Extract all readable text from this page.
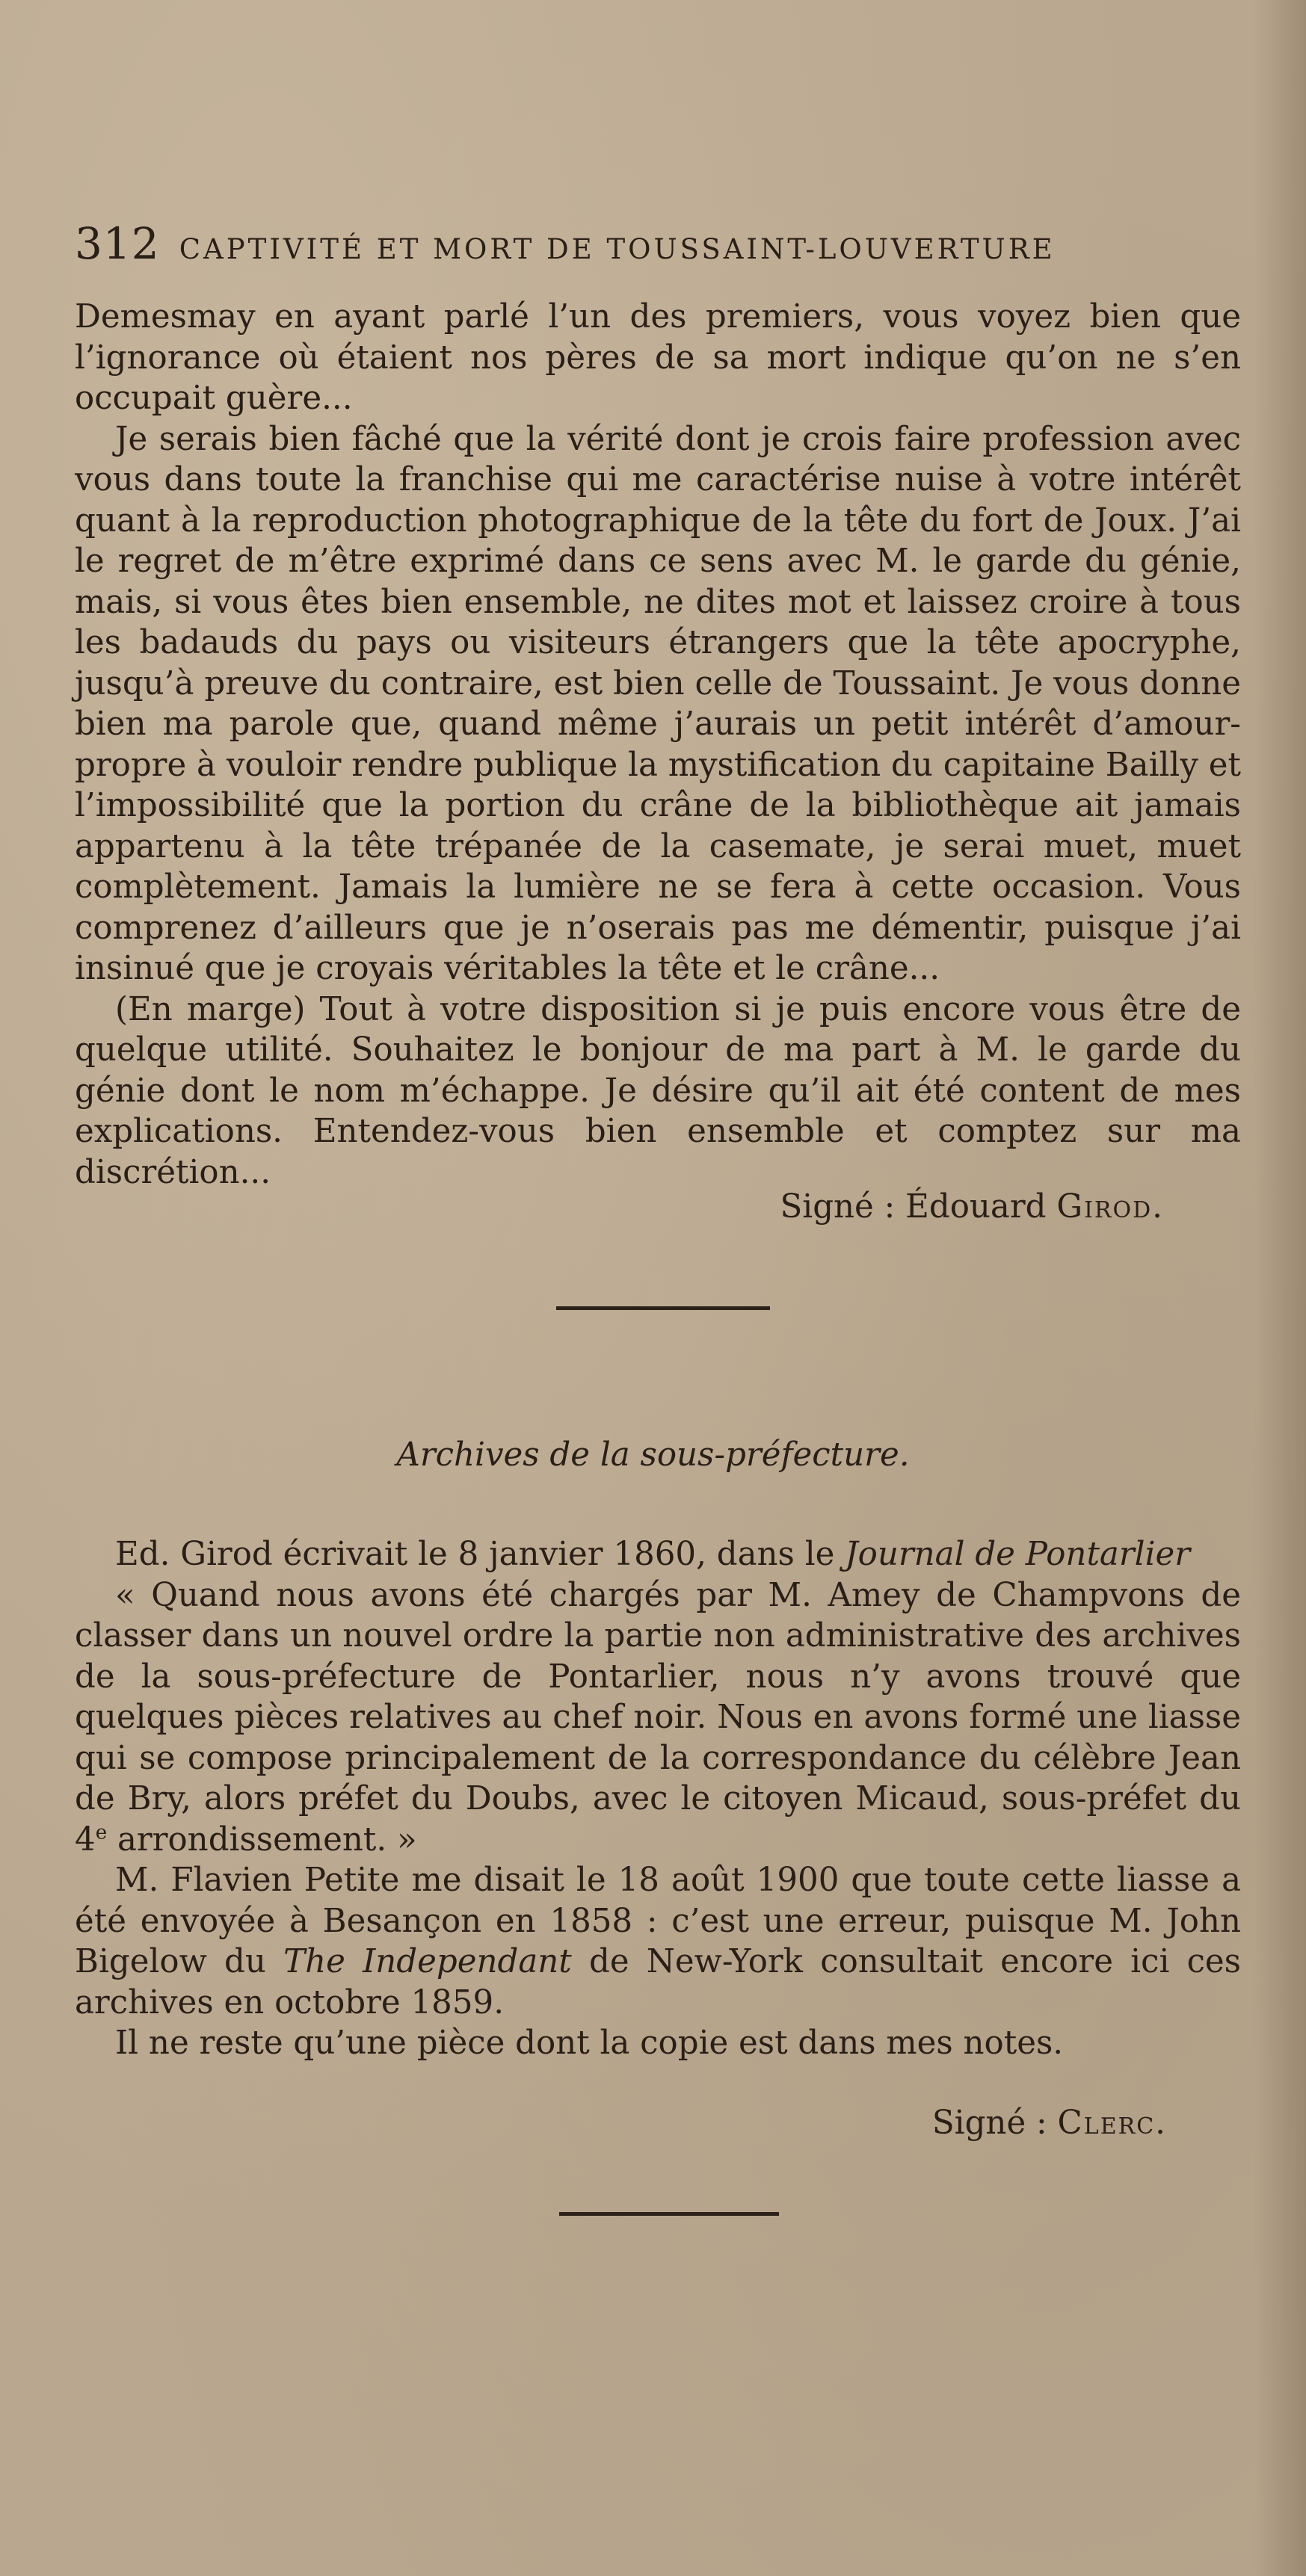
312 CAPTIVITÉ ET MORT DE TOUSSAINT-LOUVERTURE

Demesmay en ayant parlé l’un des premiers, vous voyez bien que l’ignorance où étaient nos pères de sa mort indique qu’on ne s’en occupait guère...

Je serais bien fâché que la vérité dont je crois faire profession avec vous dans toute la franchise qui me caractérise nuise à votre intérêt quant à la reproduction photographique de la tête du fort de Joux. J’ai le regret de m’être exprimé dans ce sens avec M. le garde du génie, mais, si vous êtes bien ensemble, ne dites mot et laissez croire à tous les badauds du pays ou visiteurs étrangers que la tête apocryphe, jusqu’à preuve du contraire, est bien celle de Toussaint. Je vous donne bien ma parole que, quand même j’aurais un petit intérêt d’amour-propre à vouloir rendre publique la mystification du capitaine Bailly et l’impossibilité que la portion du crâne de la bibliothèque ait jamais appartenu à la tête trépanée de la casemate, je serai muet, muet complètement. Jamais la lumière ne se fera à cette occasion. Vous comprenez d’ailleurs que je n’oserais pas me démentir, puisque j’ai insinué que je croyais véritables la tête et le crâne...

(En marge) Tout à votre disposition si je puis encore vous être de quelque utilité. Souhaitez le bonjour de ma part à M. le garde du génie dont le nom m’échappe. Je désire qu’il ait été content de mes explications. Entendez-vous bien ensemble et comptez sur ma discrétion...

Signé : Édouard Girod.
Archives de la sous-préfecture.

Ed. Girod écrivait le 8 janvier 1860, dans le Journal de Pontarlier

« Quand nous avons été chargés par M. Amey de Champvons de classer dans un nouvel ordre la partie non administrative des archives de la sous-préfecture de Pontarlier, nous n’y avons trouvé que quelques pièces relatives au chef noir. Nous en avons formé une liasse qui se compose principalement de la correspondance du célèbre Jean de Bry, alors préfet du Doubs, avec le citoyen Micaud, sous-préfet du 4e arrondissement. »

M. Flavien Petite me disait le 18 août 1900 que toute cette liasse a été envoyée à Besançon en 1858 : c’est une erreur, puisque M. John Bigelow du The Independant de New-York consultait encore ici ces archives en octobre 1859.

Il ne reste qu’une pièce dont la copie est dans mes notes.

Signé : Clerc.
